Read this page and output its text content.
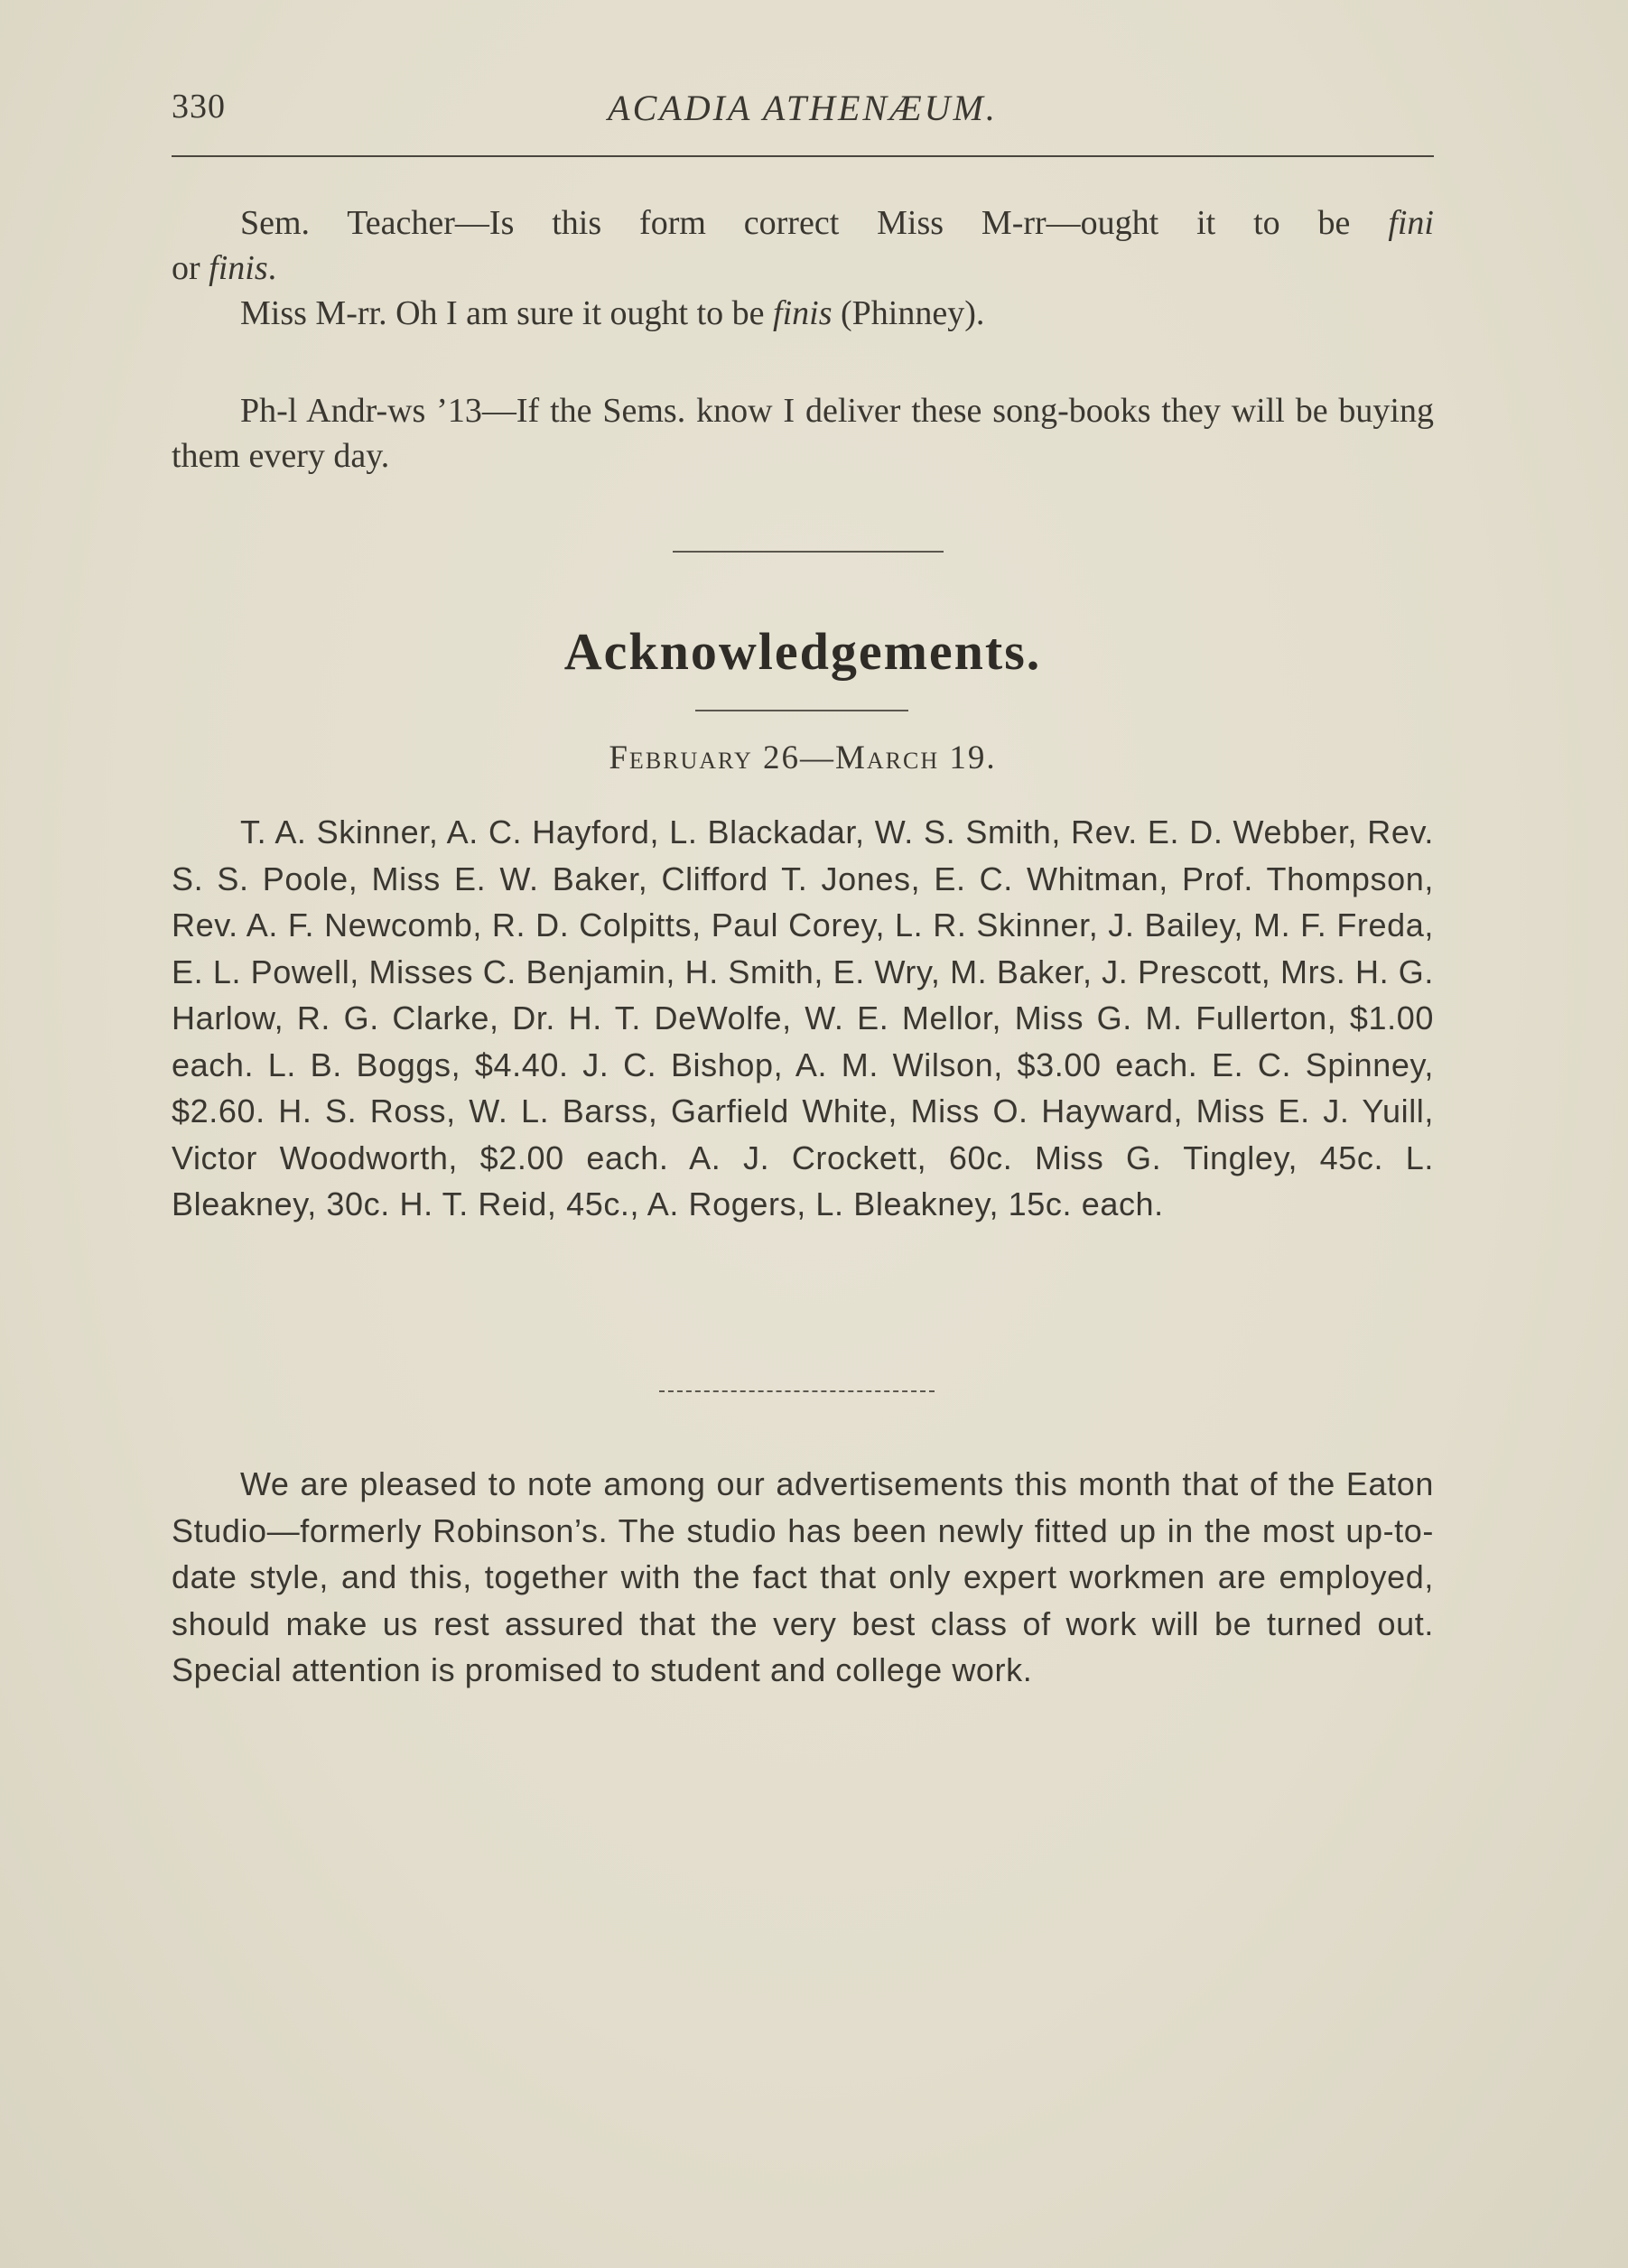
330	ACADIA ATHENÆUM.

Sem. Teacher—Is this form correct Miss M-rr—ought it to be fini

or finis.

Miss M-rr. Oh I am sure it ought to be finis (Phinney).

Ph-l Andr-ws ’13—If the Sems. know I deliver these song-books they will be buying them every day.

Acknowledgements.
February 26—March 19.

T. A. Skinner, A. C. Hayford, L. Blackadar, W. S. Smith, Rev. E. D. Webber, Rev. S. S. Poole, Miss E. W. Baker, Clifford T. Jones, E. C. Whitman, Prof. Thompson, Rev. A. F. Newcomb, R. D. Colpitts, Paul Corey, L. R. Skinner, J. Bailey, M. F. Freda, E. L. Powell, Misses C. Benjamin, H. Smith, E. Wry, M. Baker, J. Prescott, Mrs. H. G. Harlow, R. G. Clarke, Dr. H. T. DeWolfe, W. E. Mellor, Miss G. M. Fullerton, $1.00 each. L. B. Boggs, $4.40. J. C. Bishop, A. M. Wilson, $3.00 each. E. C. Spinney, $2.60. H. S. Ross, W. L. Barss, Garfield White, Miss O. Hayward, Miss E. J. Yuill, Victor Woodworth, $2.00 each. A. J. Crockett, 60c. Miss G. Tingley, 45c. L. Bleakney, 30c. H. T. Reid, 45c., A. Rogers, L. Bleakney, 15c. each.

We are pleased to note among our advertisements this month that of the Eaton Studio—formerly Robinson’s. The studio has been newly fitted up in the most up-to-date style, and this, together with the fact that only expert workmen are employed, should make us rest assured that the very best class of work will be turned out. Special attention is promised to student and college work.
